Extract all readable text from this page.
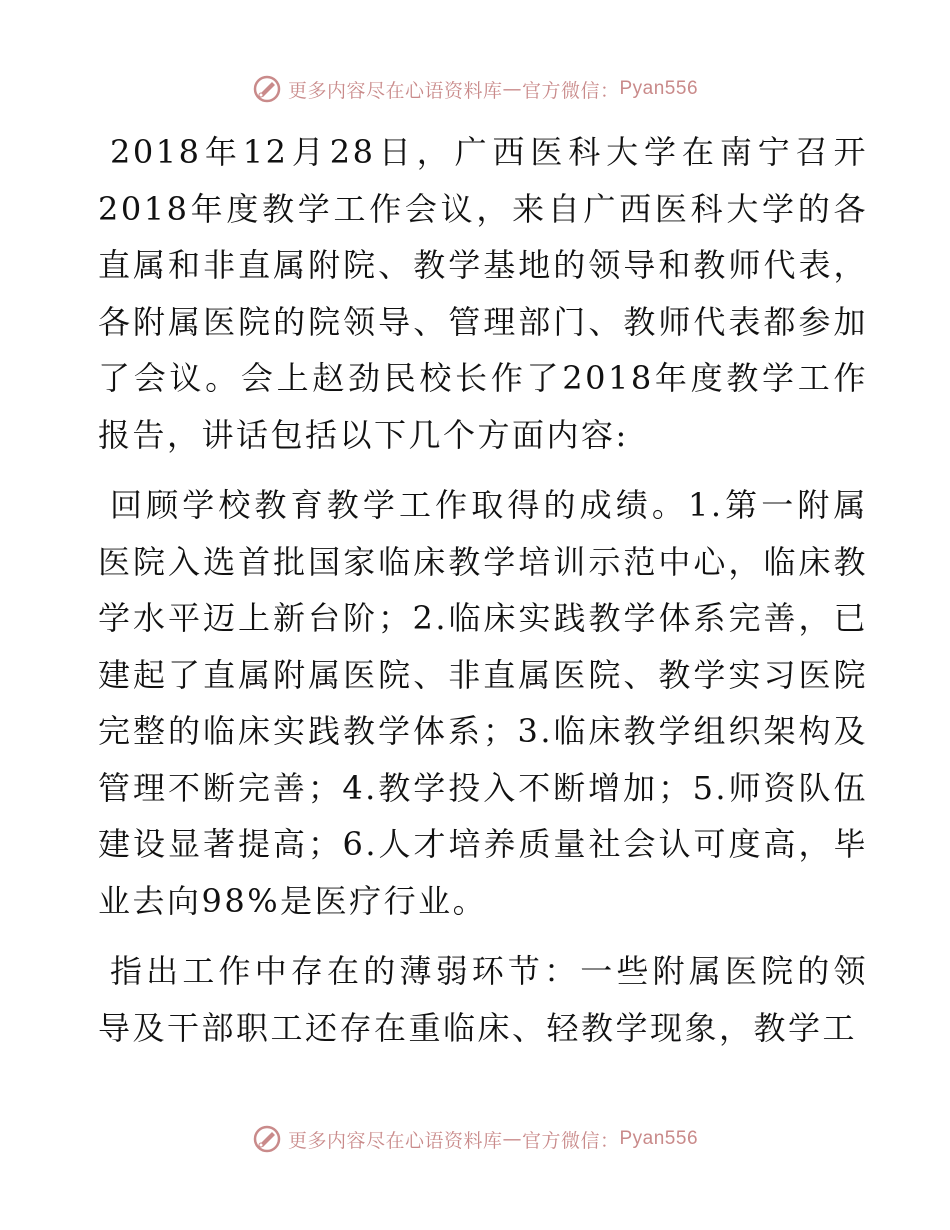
更多内容尽在心语资料库 — 官方微信： Pyan556

2018年12月28日，广西医科大学在南宁召开2018年度教学工作会议，来自广西医科大学的各直属和非直属附院、教学基地的领导和教师代表，各附属医院的院领导、管理部门、教师代表都参加了会议。会上赵劲民校长作了2018年度教学工作报告，讲话包括以下几个方面内容:

回顾学校教育教学工作取得的成绩。1.第一附属医院入选首批国家临床教学培训示范中心，临床教学水平迈上新台阶；2.临床实践教学体系完善，已建起了直属附属医院、非直属医院、教学实习医院完整的临床实践教学体系；3.临床教学组织架构及管理不断完善；4.教学投入不断增加；5.师资队伍建设显著提高；6.人才培养质量社会认可度高，毕业去向98%是医疗行业。

指出工作中存在的薄弱环节：一些附属医院的领导及干部职工还存在重临床、轻教学现象，教学工

更多内容尽在心语资料库 — 官方微信： Pyan556
